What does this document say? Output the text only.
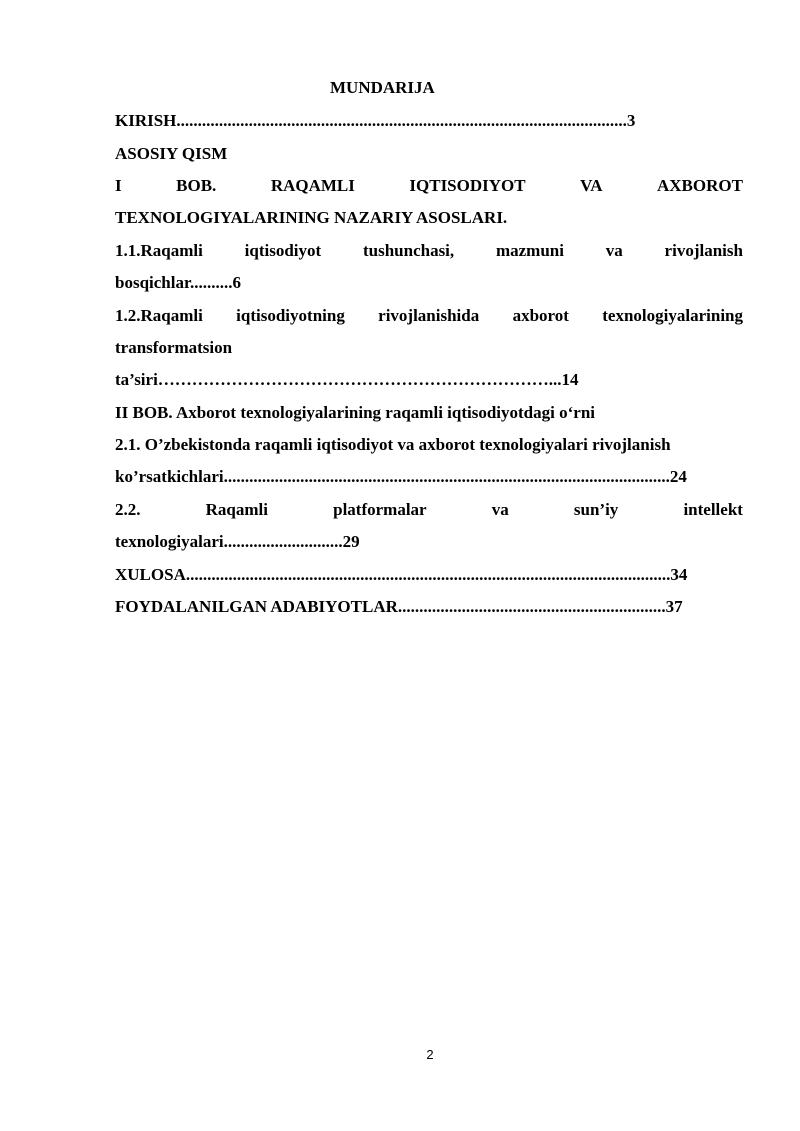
MUNDARIJA
KIRISH..........................................................................................................3
ASOSIY QISM
I	BOB.	RAQAMLI	IQTISODIYOT	VA	AXBOROT
TEXNOLOGIYALARINING NAZARIY ASOSLARI.
1.1.Raqamli iqtisodiyot tushunchasi, mazmuni va rivojlanish
bosqichlar..........6
1.2.Raqamli iqtisodiyotning rivojlanishida axborot texnologiyalarining
transformatsion
ta’siri……………………………………………………………...14
II BOB. Axborot texnologiyalarining raqamli iqtisodiyotdagi o‘rni
2.1. O’zbekistonda raqamli iqtisodiyot va axborot texnologiyalari rivojlanish
ko’rsatkichlari.........................................................................................................24
2.2.	Raqamli	platformalar	va	sun’iy	intellekt
texnologiyalari............................29
XULOSA..................................................................................................................34
FOYDALANILGAN ADABIYOTLAR...............................................................37
2
